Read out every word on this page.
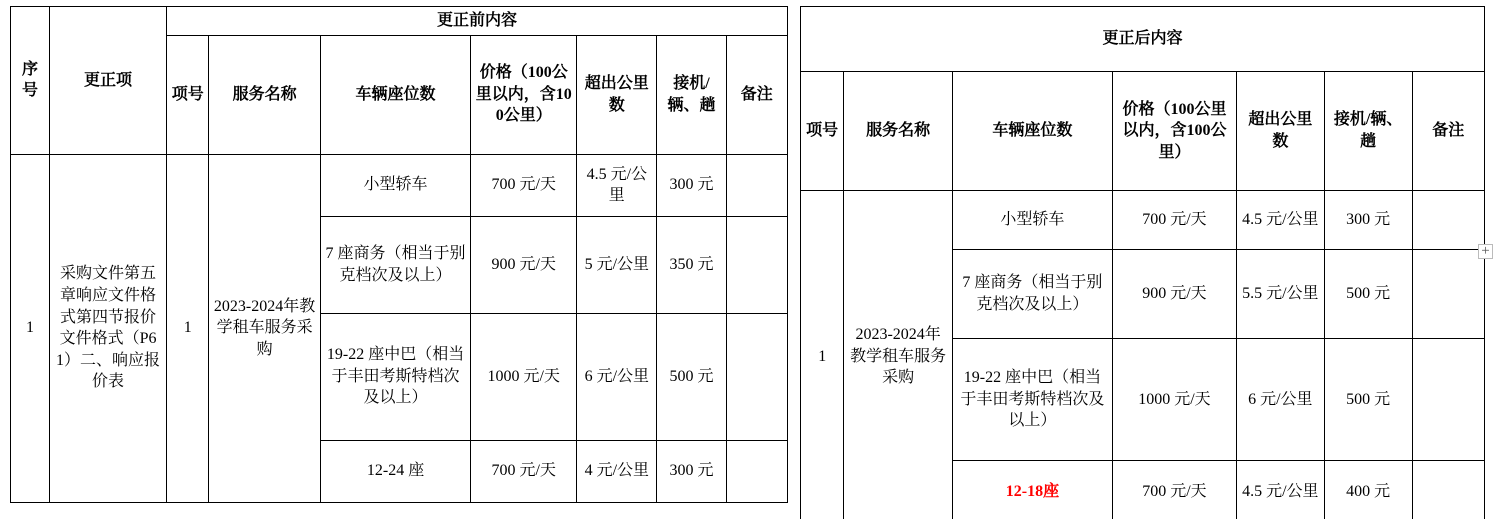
序号	更正项	更正前内容						
		项号	服务名称	车辆座位数	价格（100公里以内，含100公里）	超出公里数	接机/辆、趟	备注
1	采购文件第五章响应文件格式第四节报价文件格式（P61）二、响应报价表	1	2023-2024年教学租车服务采购	小型轿车	700 元/天	4.5 元/公里	300 元	
				7 座商务（相当于别克档次及以上）	900 元/天	5 元/公里	350 元	
				19-22 座中巴（相当于丰田考斯特档次及以上）	1000 元/天	6 元/公里	500 元	
				12-24 座	700 元/天	4 元/公里	300 元	
更正后内容						
项号	服务名称	车辆座位数	价格（100公里以内，含100公里）	超出公里数	接机/辆、趟	备注
1	2023-2024年教学租车服务采购	小型轿车	700 元/天	4.5 元/公里	300 元	
		7 座商务（相当于别克档次及以上）	900 元/天	5.5 元/公里	500 元	
		19-22 座中巴（相当于丰田考斯特档次及以上）	1000 元/天	6 元/公里	500 元	
		12-18座	700 元/天	4.5 元/公里	400 元	
+
